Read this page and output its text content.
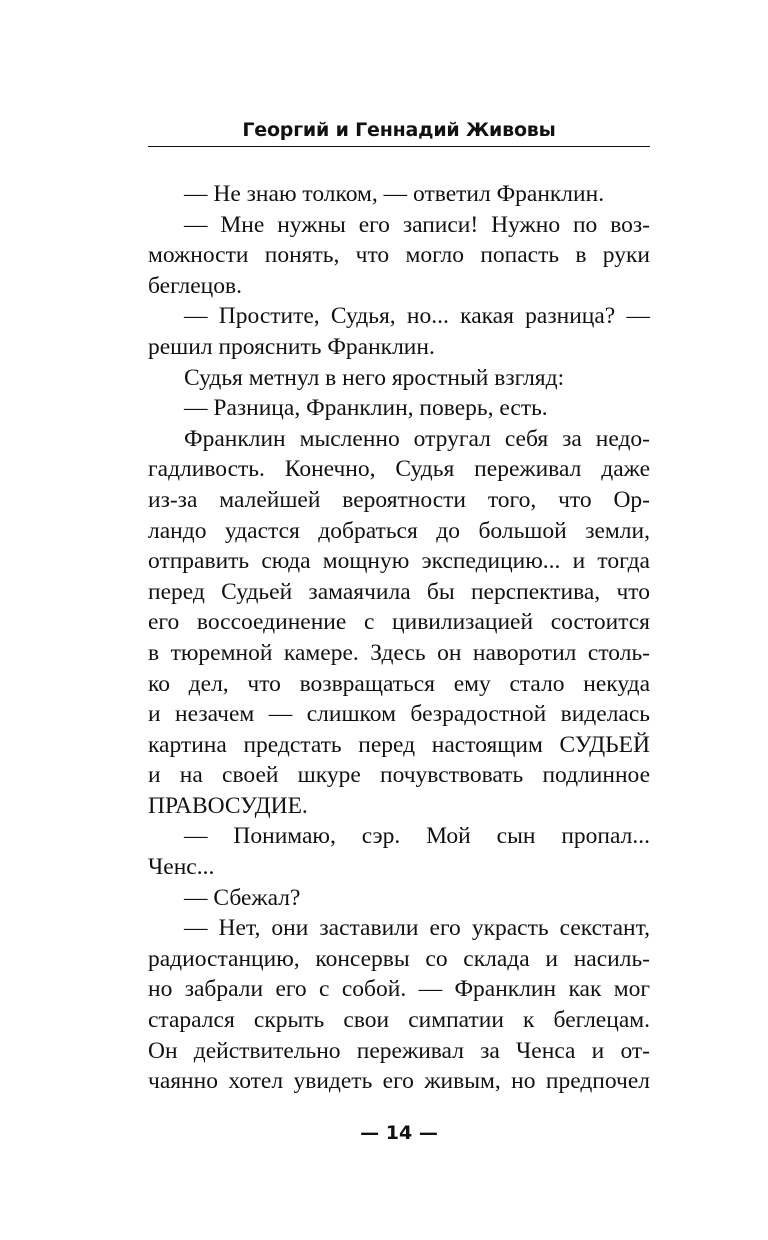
Георгий и Геннадий Живовы
— Не знаю толком, — ответил Франклин.
— Мне нужны его записи! Нужно по воз-
можности понять, что могло попасть в руки
беглецов.
— Простите, Судья, но... какая разница? —
решил прояснить Франклин.
Судья метнул в него яростный взгляд:
— Разница, Франклин, поверь, есть.
Франклин мысленно отругал себя за недо-
гадливость. Конечно, Судья переживал даже
из-за малейшей вероятности того, что Ор-
ландо удастся добраться до большой земли,
отправить сюда мощную экспедицию... и тогда
перед Судьей замаячила бы перспектива, что
его воссоединение с цивилизацией состоится
в тюремной камере. Здесь он наворотил столь-
ко дел, что возвращаться ему стало некуда
и незачем — слишком безрадостной виделась
картина предстать перед настоящим СУДЬЕЙ
и на своей шкуре почувствовать подлинное
ПРАВОСУДИЕ.
— Понимаю, сэр. Мой сын пропал...
Ченс...
— Сбежал?
— Нет, они заставили его украсть секстант,
радиостанцию, консервы со склада и насиль-
но забрали его с собой. — Франклин как мог
старался скрыть свои симпатии к беглецам.
Он действительно переживал за Ченса и от-
чаянно хотел увидеть его живым, но предпочел
— 14 —
